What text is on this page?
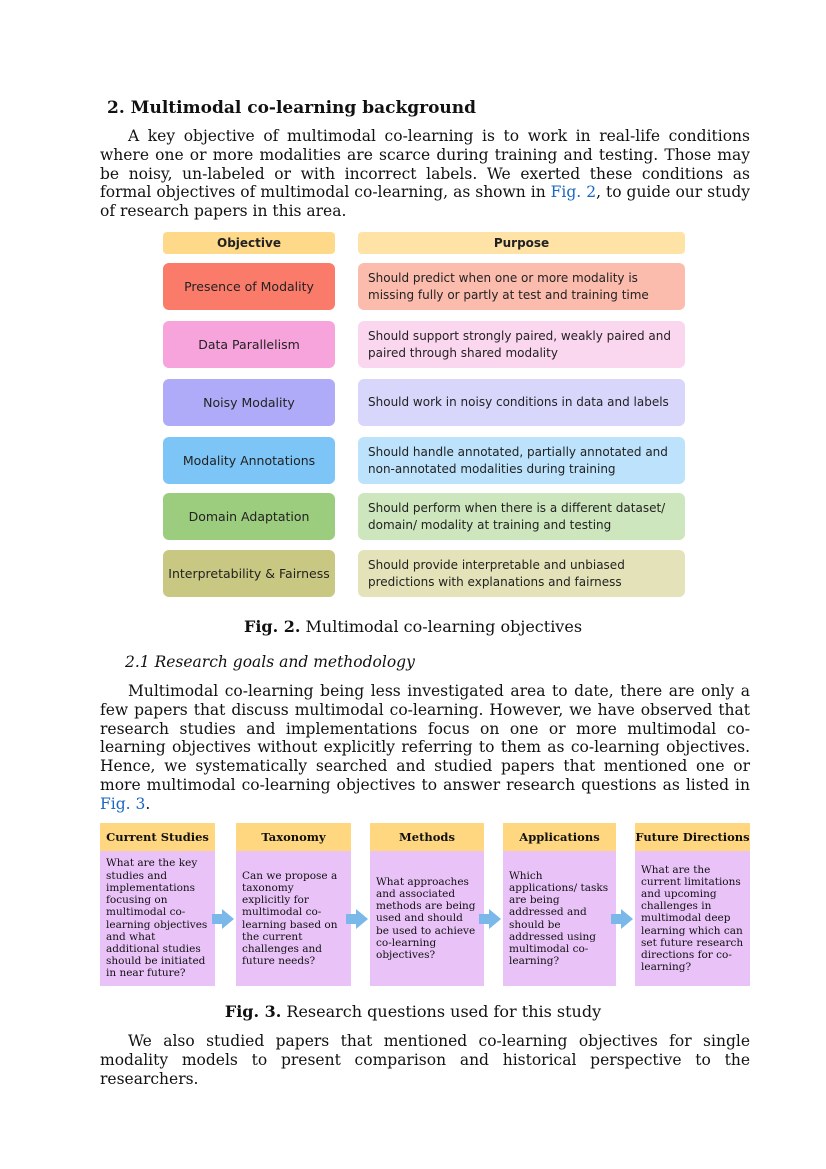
2. Multimodal co-learning background

A key objective of multimodal co-learning is to work in real-life conditions where one or more modalities are scarce during training and testing. Those may be noisy, un-labeled or with incorrect labels. We exerted these conditions as formal objectives of multimodal co-learning, as shown in Fig. 2, to guide our study of research papers in this area.

Objective	Purpose
Presence of Modality
Should predict when one or more modality is missing fully or partly at test and training time
Data Parallelism
Should support strongly paired, weakly paired and paired through shared modality
Noisy Modality	Should work in noisy conditions in data and labels
Modality Annotations
Should handle annotated, partially annotated and non-annotated modalities during training
Domain Adaptation
Should perform when there is a different dataset/ domain/ modality at training and testing
Interpretability & Fairness
Should provide interpretable and unbiased predictions with explanations and fairness
Fig. 2. Multimodal co-learning objectives

2.1 Research goals and methodology

Multimodal co-learning being less investigated area to date, there are only a few papers that discuss multimodal co-learning. However, we have observed that research studies and implementations focus on one or more multimodal co-learning objectives without explicitly referring to them as co-learning objectives. Hence, we systematically searched and studied papers that mentioned one or more multimodal co-learning objectives to answer research questions as listed in Fig. 3.

Current Studies
What are the key studies and implementations focusing on multimodal co-learning objectives and what additional studies should be initiated in near future?
Taxonomy
Can we propose a taxonomy explicitly for multimodal co-learning based on the current challenges and future needs?
Methods
What approaches and associated methods are being used and should be used to achieve co-learning objectives?
Applications
Which applications/ tasks are being addressed and should be addressed using multimodal co-learning?
Future Directions
What are the current limitations and upcoming challenges in multimodal deep learning which can set future research directions for co-learning?
Fig. 3. Research questions used for this study

We also studied papers that mentioned co-learning objectives for single modality models to present comparison and historical perspective to the researchers.
